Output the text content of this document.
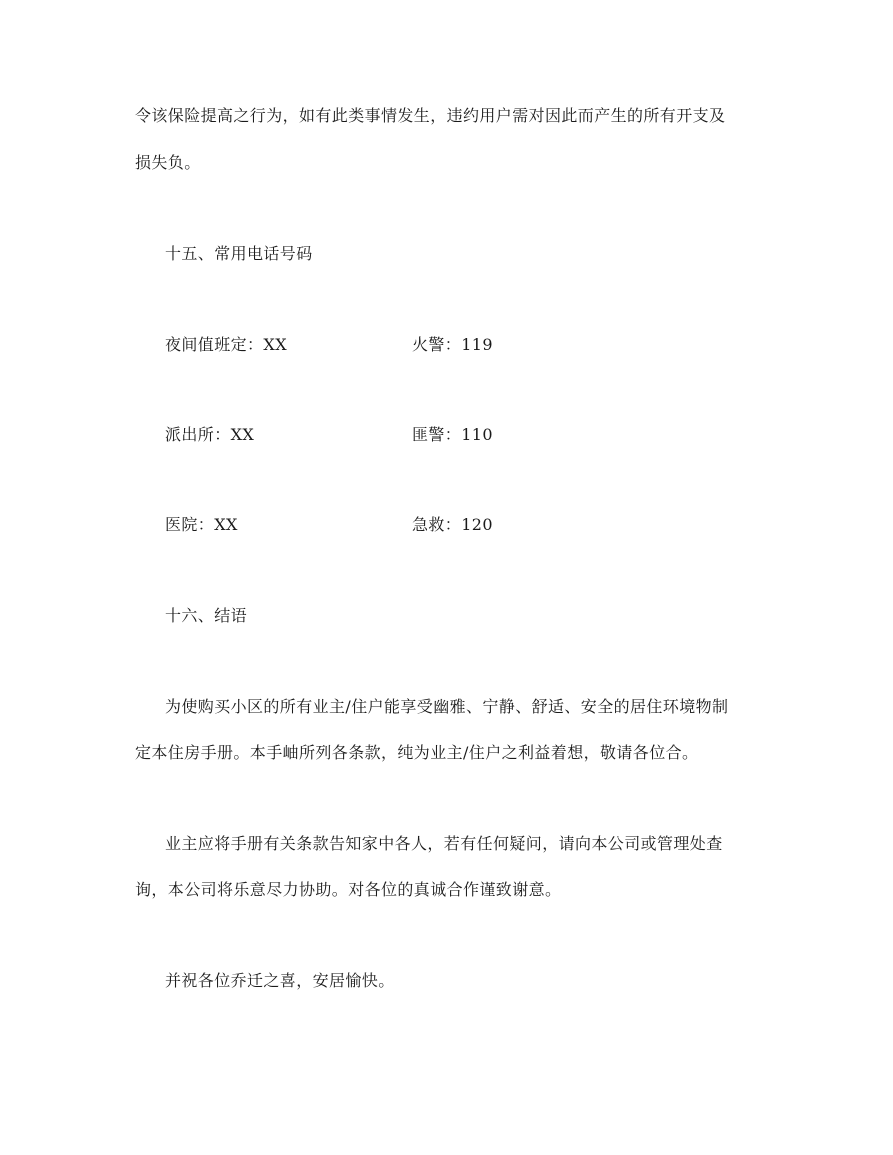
令该保险提高之行为，如有此类事情发生，违约用户需对因此而产生的所有开支及
损失负。
十五、常用电话号码
夜间值班定：XX	火警：119
派出所：XX	匪警：110
医院：XX	急救：120
十六、结语
为使购买小区的所有业主/住户能享受幽雅、宁静、舒适、安全的居住环境物制
定本住房手册。本手岫所列各条款，纯为业主/住户之利益着想，敬请各位合。
业主应将手册有关条款告知家中各人，若有任何疑问，请向本公司或管理处查
询，本公司将乐意尽力协助。对各位的真诚合作谨致谢意。
并祝各位乔迁之喜，安居愉快。
